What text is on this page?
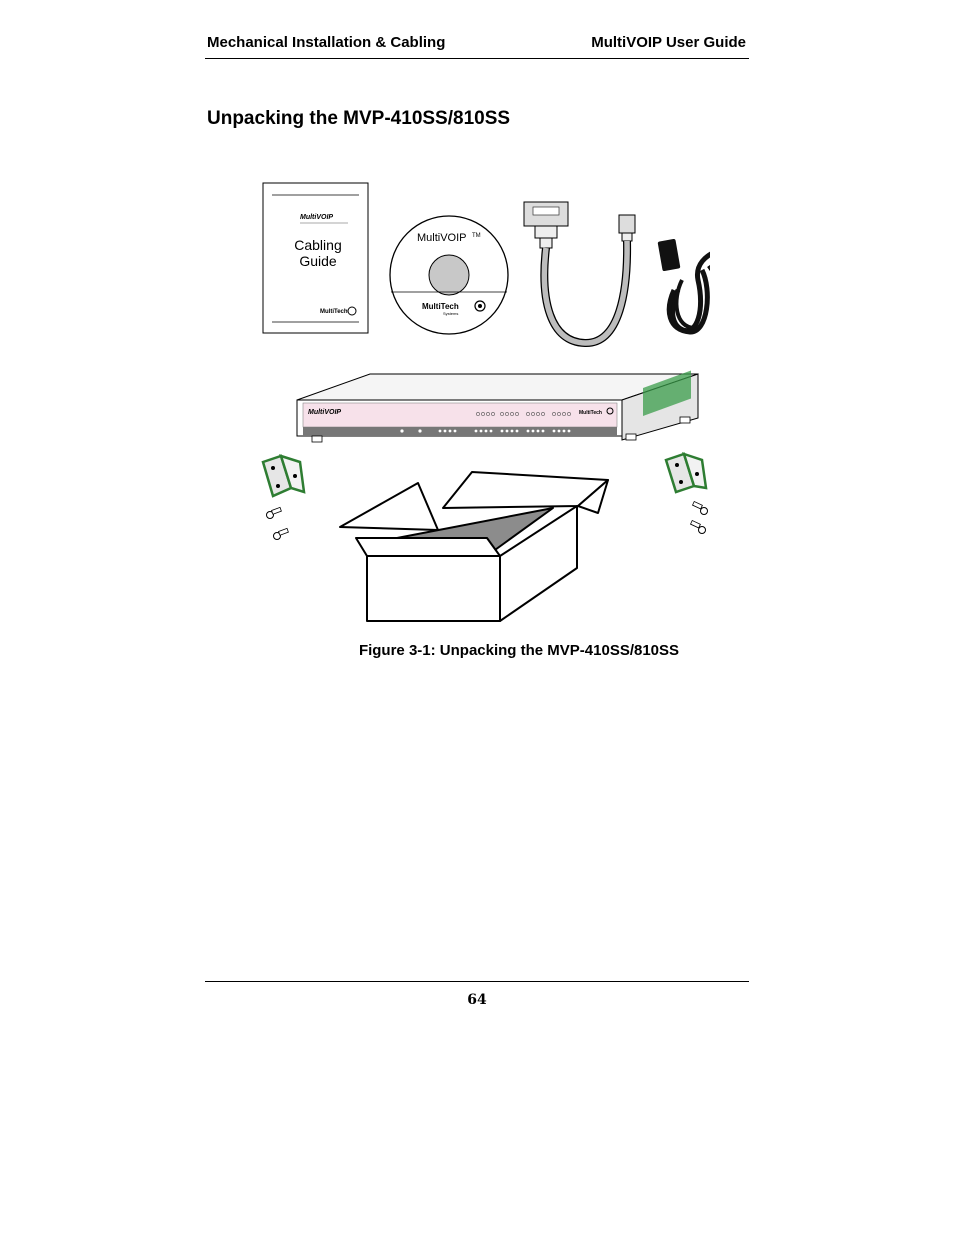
Mechanical Installation & Cabling	MultiVOIP User Guide
Unpacking the MVP-410SS/810SS
MultiVOIP
Cabling
Guide
MultiTech
MultiVOIP TM
MultiTech
Systems
MultiVOIP	MultiTech
Figure 3-1: Unpacking the MVP-410SS/810SS
64
